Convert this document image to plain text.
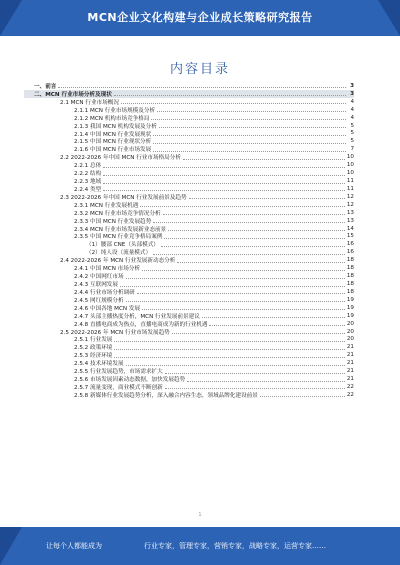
MCN企业文化构建与企业成长策略研究报告
内容目录
一、前言	3
二、MCN 行业市场分析及现状	3
2.1 MCN 行业市场概况	4
2.1.1 MCN 行业市场规模及分析	4
2.1.2 MCN 机构市场竞争格局	4
2.1.3 我国 MCN 机构发展及分析	5
2.1.4 中国 MCN 行业发展现状	5
2.1.5 中国 MCN 行业现状分析	5
2.1.6 中国 MCN 行业市场发展	7
2.2 2022-2026 年中国 MCN 行业市场格局分析	10
2.2.1 总体	10
2.2.2 结构	10
2.2.3 地域	11
2.2.4 类型	11
2.3 2022-2026 年中国 MCN 行业发展前景及趋势	12
2.3.1 MCN 行业发展机遇	12
2.3.2 MCN 行业市场竞争情况分析	13
2.3.3 中国 MCN 行业发展趋势	13
2.3.4 MCN 行业市场发展新业态前景	14
2.3.5 中国 MCN 行业竞争格局案例	15
（1）腰部 CNE（头部模式）	16
（2）纯人设（流量模式）	16
2.4 2022-2026 年 MCN 行业发展新动态分析	18
2.4.1 中国 MCN 市场分析	18
2.4.2 中国网红市场	18
2.4.3 互联网发展	18
2.4.4 行业市场分析调研	18
2.4.5 网红规模分析	19
2.4.6 中国各地 MCN 发展	19
2.4.7 头部主播热度分析，MCN 行业发展前景建议	19
2.4.8 直播电商成为热点，直播电商成为新的行业机遇	20
2.5 2022-2026 年 MCN 行业市场发展趋势	20
2.5.1 行业发展	20
2.5.2 政策环境	21
2.5.3 经济环境	21
2.5.4 技术环境发展	21
2.5.5 行业发展趋势，市场需求扩大	21
2.5.6 市场发展因素动态数据，加快发展趋势	21
2.5.7 流量变现，商业模式不断创新	22
2.5.8 新媒体行业发展趋势分析，深入融合内容生态，领域品牌化建设前景	22
1
让每个人都能成为	行业专家，管理专家，营销专家，战略专家，运营专家……
